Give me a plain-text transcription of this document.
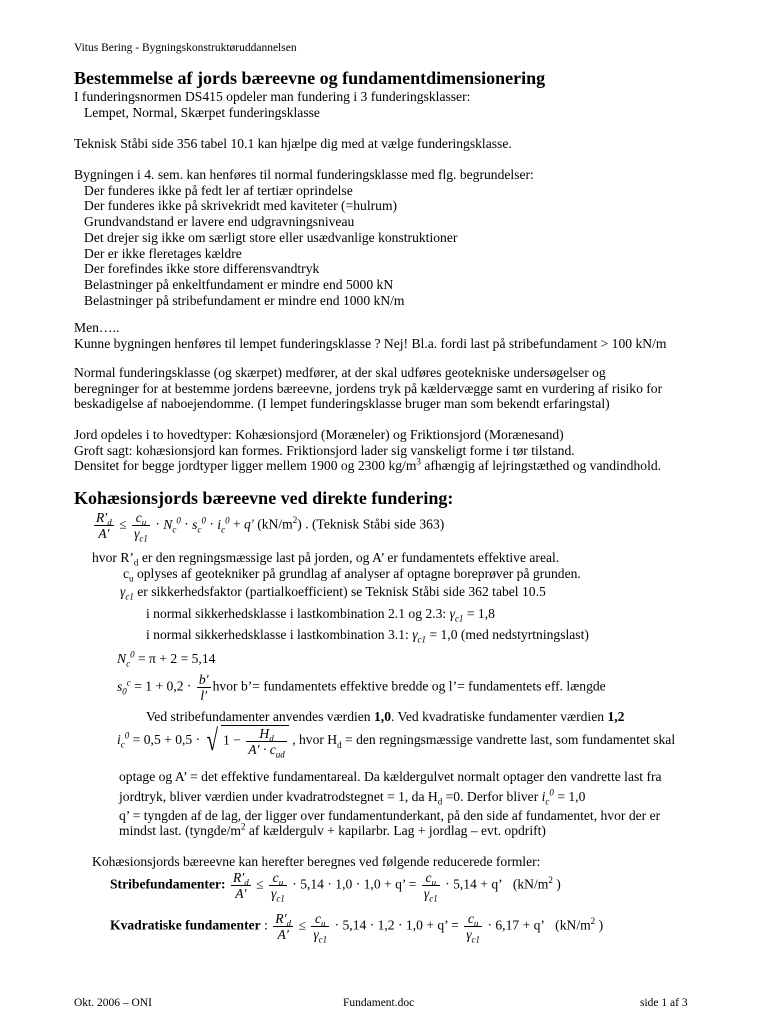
Vitus Bering - Bygningskonstruktøruddannelsen
Bestemmelse af jords bæreevne og fundamentdimensionering
I funderingsnormen DS415 opdeler man fundering i 3 funderingsklasser:
Lempet, Normal, Skærpet funderingsklasse
Teknisk Ståbi side 356 tabel 10.1 kan hjælpe dig med at vælge funderingsklasse.
Bygningen i 4. sem. kan henføres til normal funderingsklasse med flg. begrundelser:
Der funderes ikke på fedt ler af tertiær oprindelse
Der funderes ikke på skrivekridt med kaviteter (=hulrum)
Grundvandstand er lavere end udgravningsniveau
Det drejer sig ikke om særligt store eller usædvanlige konstruktioner
Der er ikke fleretages kældre
Der forefindes ikke store differensvandtryk
Belastninger på enkeltfundament er mindre end 5000 kN
Belastninger på stribefundament er mindre end 1000 kN/m
Men…..
Kunne bygningen henføres til lempet funderingsklasse ? Nej! Bl.a. fordi last på stribefundament > 100 kN/m
Normal funderingsklasse (og skærpet) medfører, at der skal udføres geotekniske undersøgelser og
beregninger for at bestemme jordens bæreevne, jordens tryk på kældervægge samt en vurdering af risiko for
beskadigelse af naboejendomme. (I lempet funderingsklasse bruger man som bekendt erfaringstal)
Jord opdeles i to hovedtyper: Kohæsionsjord (Moræneler) og Friktionsjord (Morænesand)
Groft sagt: kohæsionsjord kan formes. Friktionsjord lader sig vanskeligt forme i tør tilstand.
Densitet for begge jordtyper ligger mellem 1900 og 2300 $kg/m^3$ afhængig af lejringstæthed og vandindhold.
Kohæsionsjords bæreevne ved direkte fundering:
$\frac{R'_d}{A'} \le \frac{c_u}{\gamma_{c1}} \cdot N_c^0 \cdot s_c^0 \cdot i_c^0 + q'$ $(kN/m^2)$ . (Teknisk Ståbi side 363)
hvor $R’_d$ er den regningsmæssige last på jorden, og A’ er fundamentets effektive areal.
$c_u$ oplyses af geotekniker på grundlag af analyser af optagne boreprøver på grunden.
$\gamma_{c1}$ er sikkerhedsfaktor (partialkoefficient) se Teknisk Ståbi side 362 tabel 10.5
i normal sikkerhedsklasse i lastkombination 2.1 og 2.3: $\gamma_{c1} = 1,8$
i normal sikkerhedsklasse i lastkombination 3.1: $\gamma_{c1} = 1,0$ (med nedstyrtningslast)
$N_c^0 = \pi + 2 = 5,14$
$s_0^c = 1 + 0,2 \cdot \frac{b'}{l'}$ hvor b’= fundamentets effektive bredde og l’= fundamentets eff. længde
Ved stribefundamenter anvendes værdien 1,0. Ved kvadratiske fundamenter værdien 1,2
$i_c^0 = 0,5 + 0,5$ · √ $1 - \frac{H_d}{A' \cdot c_{ud}}$ , hvor $H_d$ = den regningsmæssige vandrette last, som fundamentet skal
optage og A’ = det effektive fundamentareal. Da kældergulvet normalt optager den vandrette last fra
jordtryk, bliver værdien under kvadratrodstegnet = 1, da $H_d =0$. Derfor bliver $i_c^0 = 1,0$
q’ = tyngden af de lag, der ligger over fundamentunderkant, på den side af fundamentet, hvor der er
mindst last. ($tyngde/m^2$ af kældergulv + kapilarbr. Lag + jordlag – evt. opdrift)
Kohæsionsjords bæreevne kan herefter beregnes ved følgende reducerede formler:
Stribefundamenter: $\frac{R'_d}{A'} \le \frac{c_u}{\gamma_{c1}} \cdot 5,14 \cdot 1,0 \cdot 1,0 + q$’ = $\frac{c_u}{\gamma_{c1}} \cdot 5,14 + q$’ ($kN/m^2$ )
Kvadratiske fundamenter : $\frac{R'_d}{A'} \le \frac{c_u}{\gamma_{c1}} \cdot 5,14 \cdot 1,2 \cdot 1,0 + q$’ = $\frac{c_u}{\gamma_{c1}} \cdot 6,17 + q$’ ($kN/m^2$ )
Okt. 2006 – ONI	Fundament.doc	side 1 af 3
